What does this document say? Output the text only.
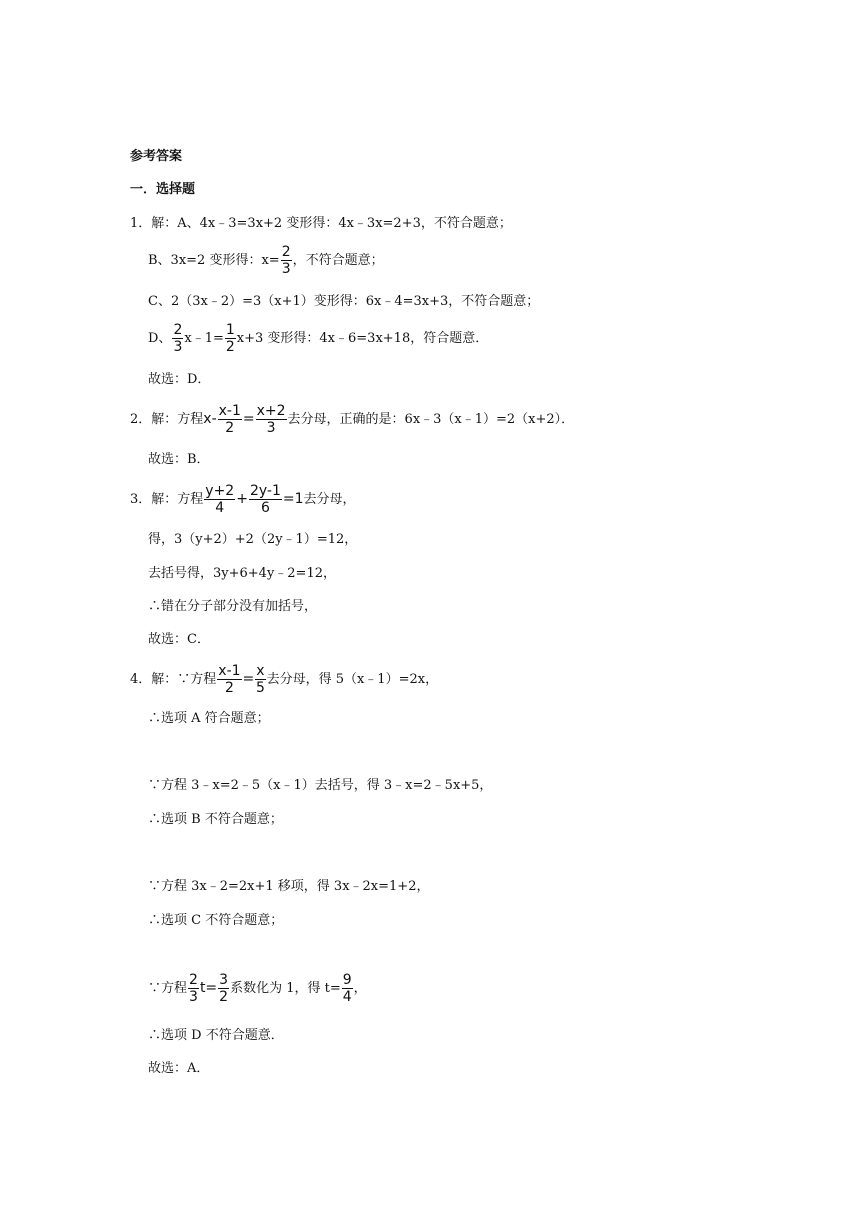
参考答案
一．选择题
1．解：A、4x﹣3=3x+2 变形得：4x﹣3x=2+3，不符合题意；
B、3x=2 变形得：$x= \frac{2}{3}$ ，不符合题意；
C、2（3x﹣2）=3（x+1）变形得：6x﹣4=3x+3，不符合题意；
D、 $\frac{2}{3}$ x﹣1= $\frac{1}{2} x+3$ 变形得：4x﹣6=3x+18，符合题意．
故选：D．
2．解：方程$x- \frac{x-1}{2} = \frac{x+2}{3}$ 去分母，正确的是：6x﹣3（x﹣1）=2（x+2）．
故选：B．
3．解：方程 $\frac{y+2}{4} + \frac{2y-1}{6} =1$去分母，
得，3（y+2）+2（2y﹣1）=12，
去括号得，3y+6+4y﹣2=12，
∴错在分子部分没有加括号，
故选：C．
4．解：∵方程 $\frac{x-1}{2} = \frac{x}{5}$ 去分母，得 5（x﹣1）=2x，
∴选项 A 符合题意；
∵方程 3﹣x=2﹣5（x﹣1）去括号，得 3﹣x=2﹣5x+5，
∴选项 B 不符合题意；
∵方程 3x﹣2=2x+1 移项，得 3x﹣2x=1+2，
∴选项 C 不符合题意；
∵方程 $\frac{2}{3} t= \frac{3}{2}$ 系数化为 1，得 $t= \frac{9}{4}$ ，
∴选项 D 不符合题意．
故选：A．
